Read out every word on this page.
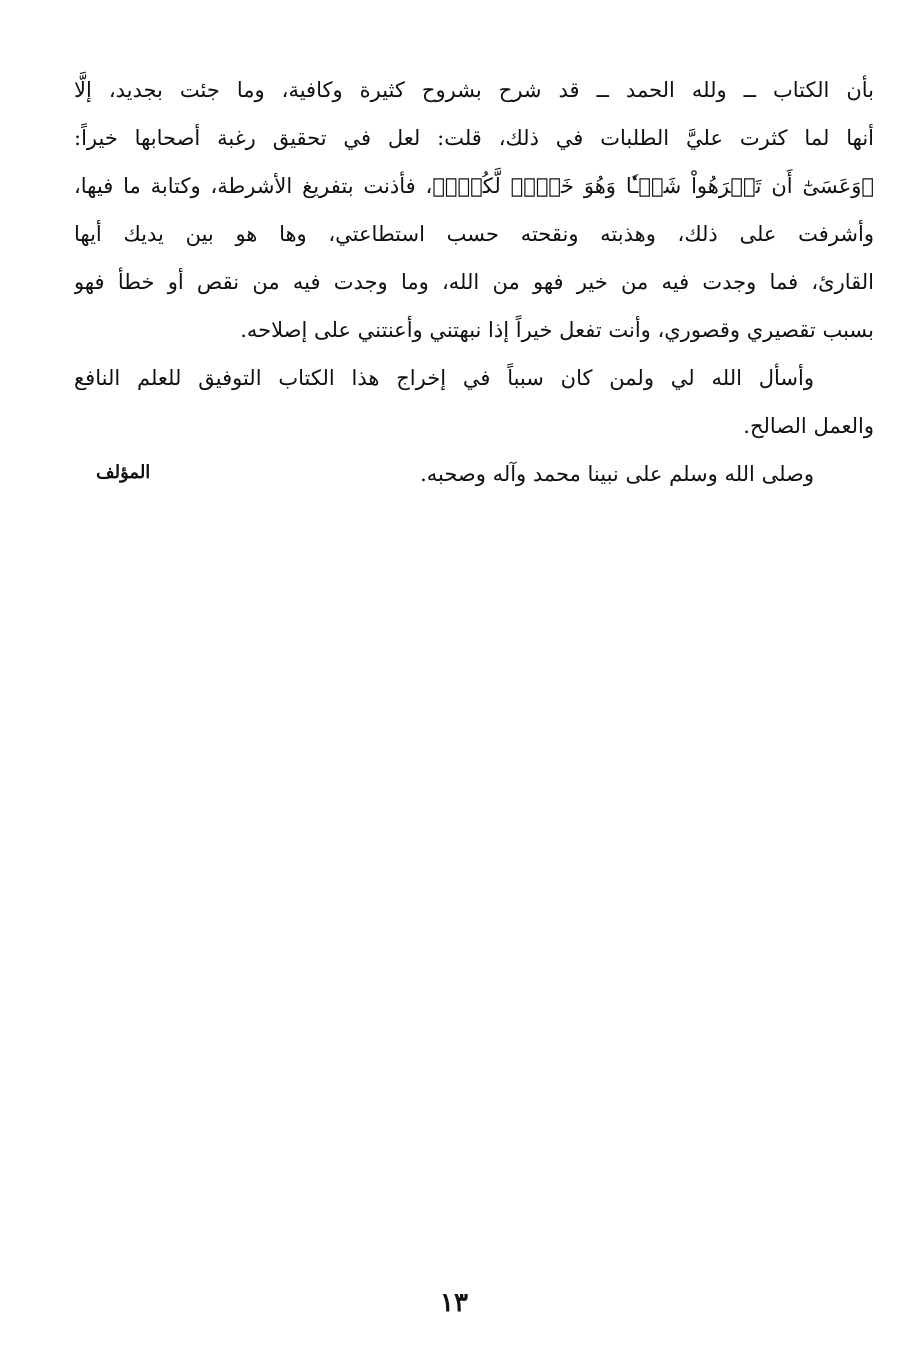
بأن الكتاب ــ ولله الحمد ــ قد شرح بشروح كثيرة وكافية، وما جئت بجديد، إلَّا
أنها لما كثرت عليَّ الطلبات في ذلك، قلت: لعل في تحقيق رغبة أصحابها خيراً:
﴿وَعَسَىٰٓ أَن تَكۡرَهُواْ شَيۡـٔٗا وَهُوَ خَيۡرٞ لَّكُمۡۖ﴾، فأذنت بتفريغ الأشرطة، وكتابة ما فيها،
وأشرفت على ذلك، وهذبته ونقحته حسب استطاعتي، وها هو بين يديك أيها
القارئ، فما وجدت فيه من خير فهو من الله، وما وجدت فيه من نقص أو خطأ فهو
بسبب تقصيري وقصوري، وأنت تفعل خيراً إذا نبهتني وأعنتني على إصلاحه.
وأسأل الله لي ولمن كان سبباً في إخراج هذا الكتاب التوفيق للعلم النافع
والعمل الصالح.
وصلى الله وسلم على نبينا محمد وآله وصحبه.
المؤلف
١٣
